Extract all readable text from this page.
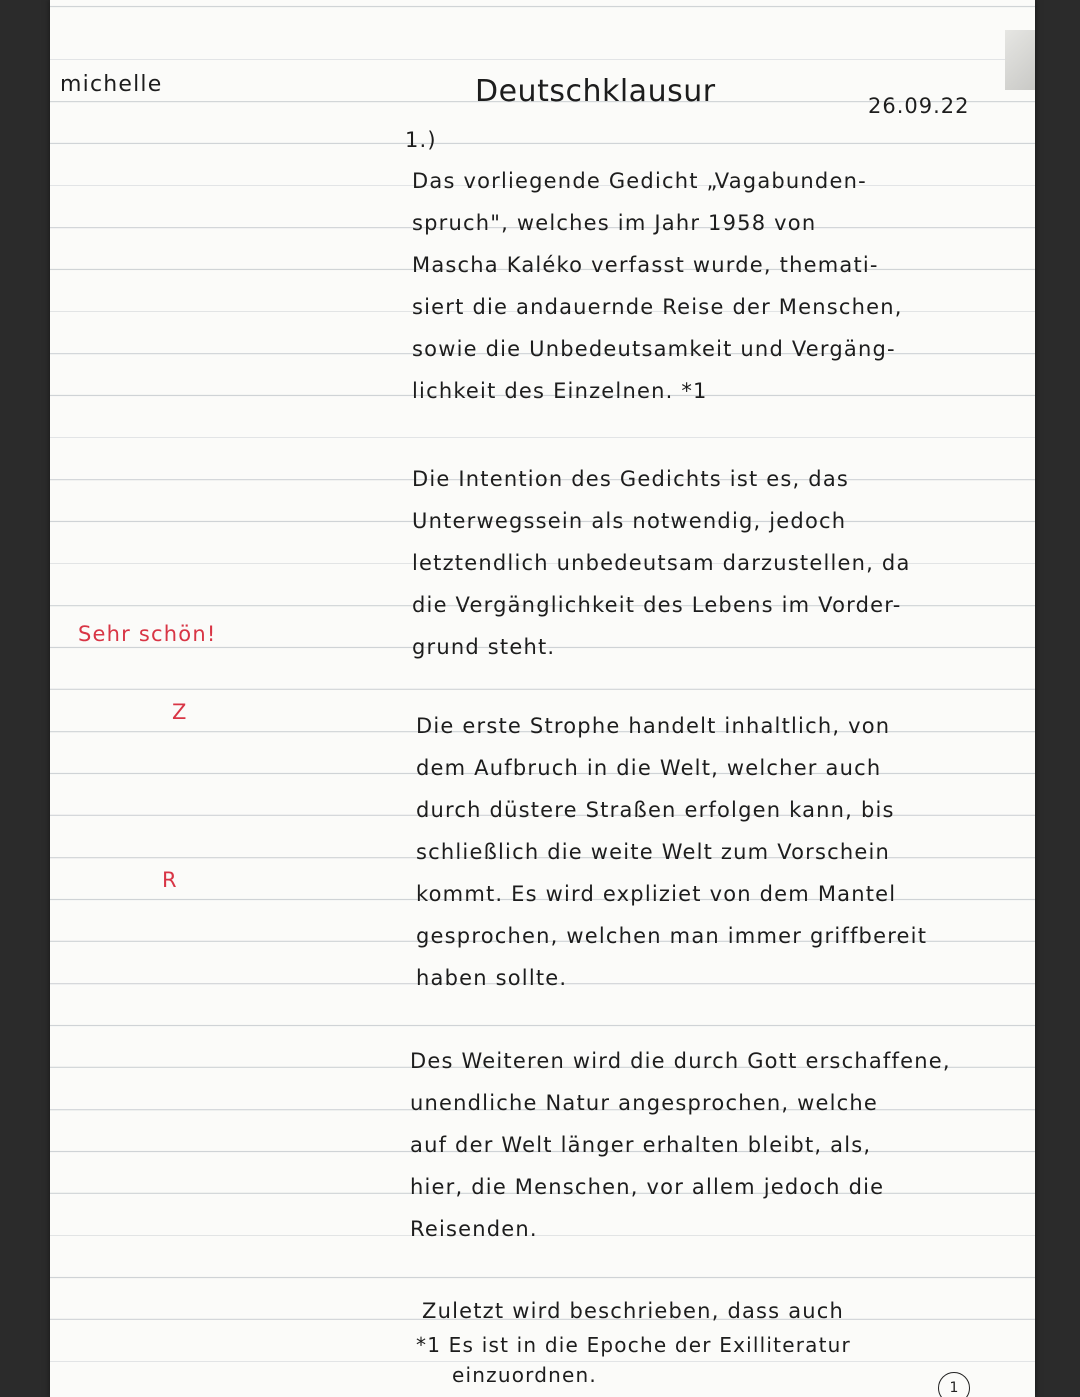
michelle	Deutschklausur	26.09.22
1.)
Das vorliegende Gedicht „Vagabunden-
spruch", welches im Jahr 1958 von
Mascha Kaléko verfasst wurde, themati-
siert die andauernde Reise der Menschen,
sowie die Unbedeutsamkeit und Vergäng-
lichkeit des Einzelnen. *1
Die Intention des Gedichts ist es, das
Unterwegssein als notwendig, jedoch
letztendlich unbedeutsam darzustellen, da
die Vergänglichkeit des Lebens im Vorder-
grund steht.
Sehr schön!
Die erste Strophe handelt inhaltlich, von
dem Aufbruch in die Welt, welcher auch
durch düstere Straßen erfolgen kann, bis
schließlich die weite Welt zum Vorschein
kommt. Es wird expliziet von dem Mantel
gesprochen, welchen man immer griffbereit
haben sollte.
Z
R
Des Weiteren wird die durch Gott erschaffene,
unendliche Natur angesprochen, welche
auf der Welt länger erhalten bleibt, als,
hier, die Menschen, vor allem jedoch die
Reisenden.
Zuletzt wird beschrieben, dass auch
*1 Es ist in die Epoche der Exilliteratur
einzuordnen.
1
